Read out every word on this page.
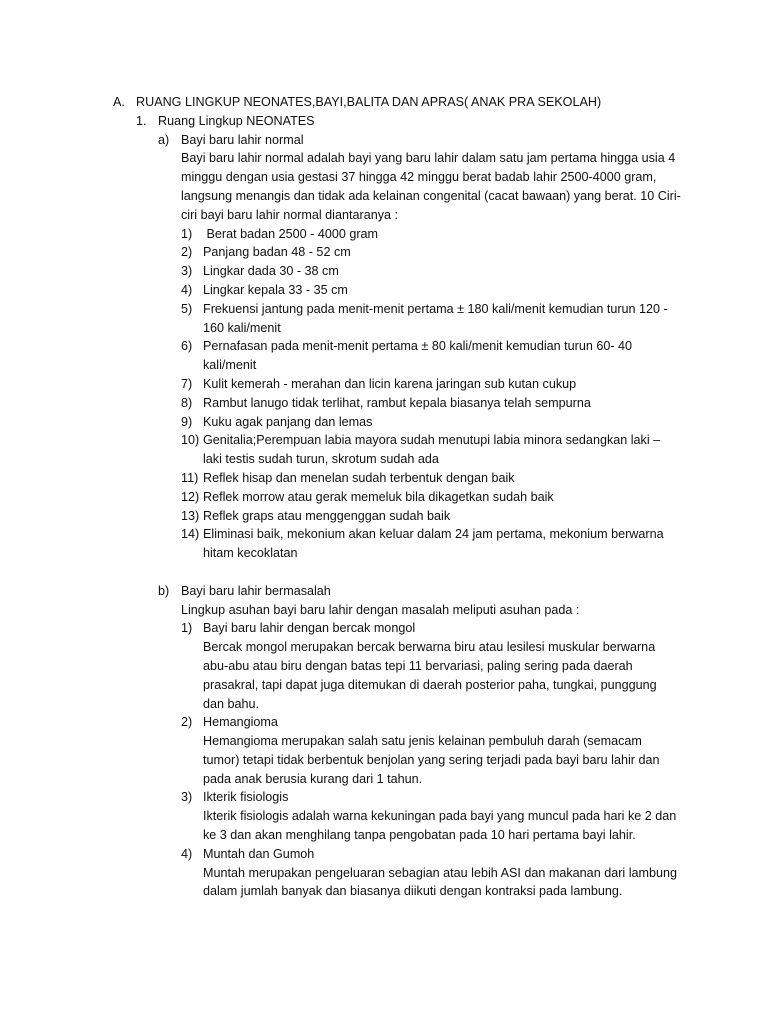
A. RUANG LINGKUP NEONATES,BAYI,BALITA DAN APRAS( ANAK PRA SEKOLAH)
1. Ruang Lingkup NEONATES
a) Bayi baru lahir normal
Bayi baru lahir normal adalah bayi yang baru lahir dalam satu jam pertama hingga usia 4 minggu dengan usia gestasi 37 hingga 42 minggu berat badab lahir 2500-4000 gram, langsung menangis dan tidak ada kelainan congenital (cacat bawaan) yang berat. 10 Ciri-ciri bayi baru lahir normal diantaranya :
1) Berat badan 2500 - 4000 gram
2) Panjang badan 48 - 52 cm
3) Lingkar dada 30 - 38 cm
4) Lingkar kepala 33 - 35 cm
5) Frekuensi jantung pada menit-menit pertama ± 180 kali/menit kemudian turun 120 - 160 kali/menit
6) Pernafasan pada menit-menit pertama ± 80 kali/menit kemudian turun 60- 40 kali/menit
7) Kulit kemerah - merahan dan licin karena jaringan sub kutan cukup
8) Rambut lanugo tidak terlihat, rambut kepala biasanya telah sempurna
9) Kuku agak panjang dan lemas
10) Genitalia;Perempuan labia mayora sudah menutupi labia minora sedangkan laki – laki testis sudah turun, skrotum sudah ada
11) Reflek hisap dan menelan sudah terbentuk dengan baik
12) Reflek morrow atau gerak memeluk bila dikagetkan sudah baik
13) Reflek graps atau menggenggan sudah baik
14) Eliminasi baik, mekonium akan keluar dalam 24 jam pertama, mekonium berwarna hitam kecoklatan
b) Bayi baru lahir bermasalah
Lingkup asuhan bayi baru lahir dengan masalah meliputi asuhan pada :
1) Bayi baru lahir dengan bercak mongol
Bercak mongol merupakan bercak berwarna biru atau lesilesi muskular berwarna abu-abu atau biru dengan batas tepi 11 bervariasi, paling sering pada daerah prasakral, tapi dapat juga ditemukan di daerah posterior paha, tungkai, punggung dan bahu.
2) Hemangioma
Hemangioma merupakan salah satu jenis kelainan pembuluh darah (semacam tumor) tetapi tidak berbentuk benjolan yang sering terjadi pada bayi baru lahir dan pada anak berusia kurang dari 1 tahun.
3) Ikterik fisiologis
Ikterik fisiologis adalah warna kekuningan pada bayi yang muncul pada hari ke 2 dan ke 3 dan akan menghilang tanpa pengobatan pada 10 hari pertama bayi lahir.
4) Muntah dan Gumoh
Muntah merupakan pengeluaran sebagian atau lebih ASI dan makanan dari lambung dalam jumlah banyak dan biasanya diikuti dengan kontraksi pada lambung.
